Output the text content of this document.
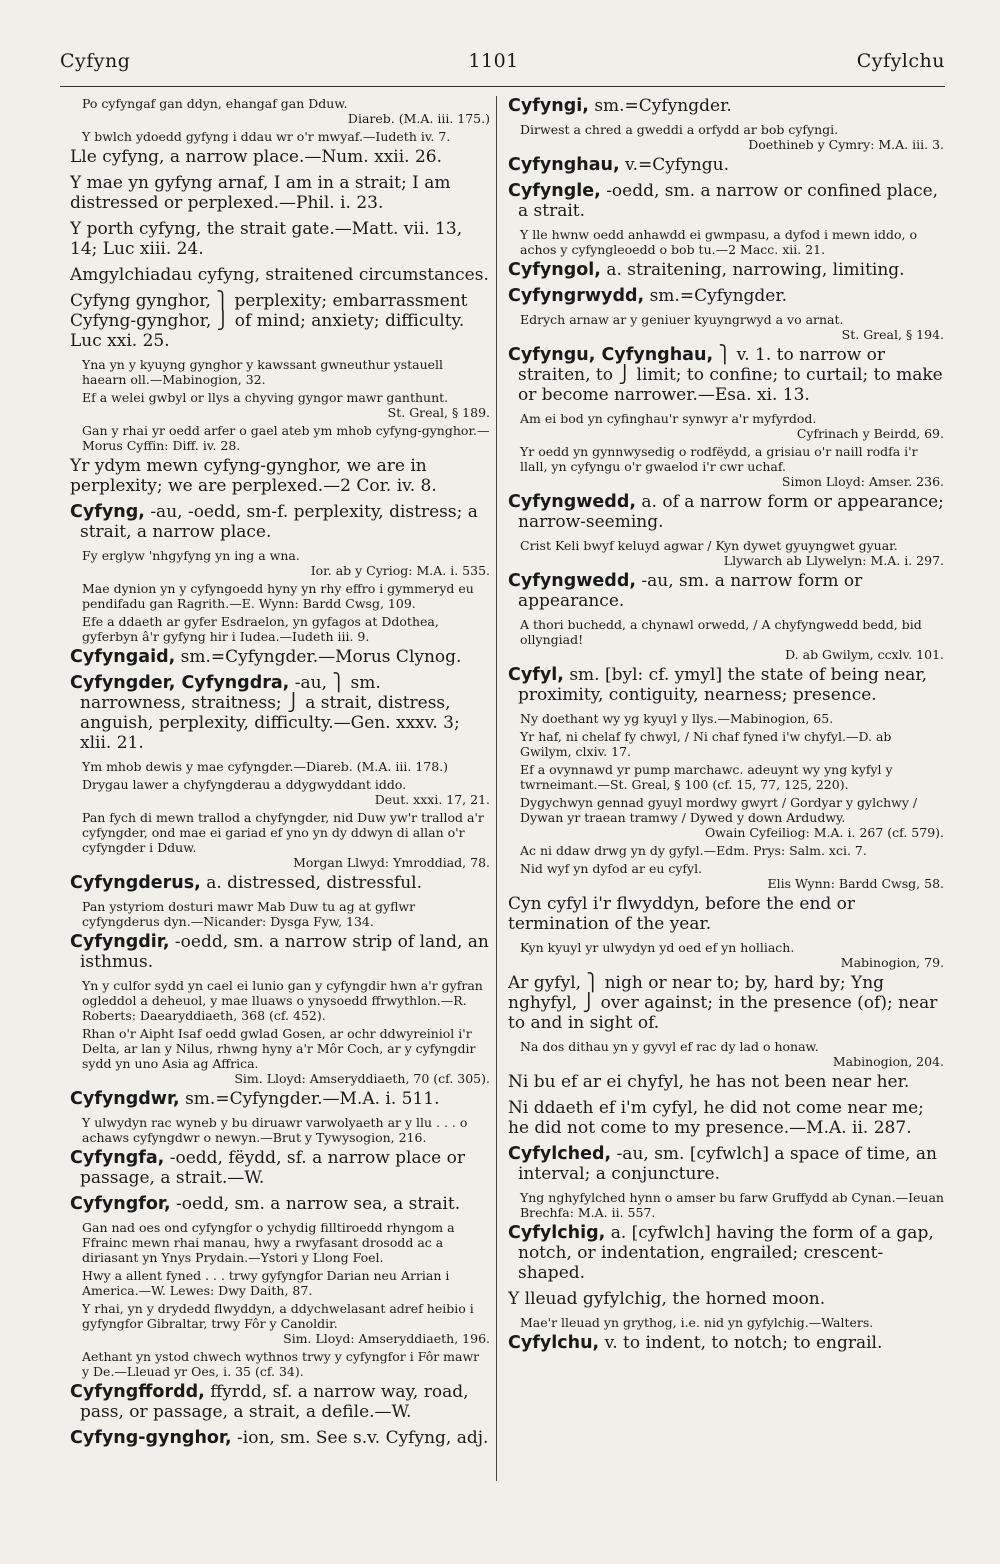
Cyfyng	1101	Cyfylchu
Po cyfyngaf gan ddyn, ehangaf gan Dduw.
Diareb. (M.A. iii. 175.)
Y bwlch ydoedd gyfyng i ddau wr o'r mwyaf.—Iudeth iv. 7.
Lle cyfyng, a narrow place.—Num. xxii. 26.
Y mae yn gyfyng arnaf, I am in a strait; I am distressed or perplexed.—Phil. i. 23.
Y porth cyfyng, the strait gate.—Matt. vii. 13, 14; Luc xiii. 24.
Amgylchiadau cyfyng, straitened circumstances.
Cyfyng gynghor, ⎫ perplexity; embarrassment Cyfyng-gynghor, ⎭ of mind; anxiety; difficulty. Luc xxi. 25.
Yna yn y kyuyng gynghor y kawssant gwneuthur ystauell haearn oll.—Mabinogion, 32.
Ef a welei gwbyl or llys a chyving gyngor mawr ganthunt.
St. Greal, § 189.
Gan y rhai yr oedd arfer o gael ateb ym mhob cyfyng-gynghor.—Morus Cyffin: Diff. iv. 28.
Yr ydym mewn cyfyng-gynghor, we are in perplexity; we are perplexed.—2 Cor. iv. 8.
Cyfyng, -au, -oedd, sm-f. perplexity, distress; a strait, a narrow place.
Fy erglyw 'nhgyfyng yn ing a wna.
Ior. ab y Cyriog: M.A. i. 535.
Mae dynion yn y cyfyngoedd hyny yn rhy effro i gymmeryd eu pendifadu gan Ragrith.—E. Wynn: Bardd Cwsg, 109.
Efe a ddaeth ar gyfer Esdraelon, yn gyfagos at Ddothea, gyferbyn â'r gyfyng hir i Iudea.—Iudeth iii. 9.
Cyfyngaid, sm.=Cyfyngder.—Morus Clynog.
Cyfyngder, Cyfyngdra, -au, ⎫ sm. narrowness, straitness; ⎭ a strait, distress, anguish, perplexity, difficulty.—Gen. xxxv. 3; xlii. 21.
Ym mhob dewis y mae cyfyngder.—Diareb. (M.A. iii. 178.)
Drygau lawer a chyfyngderau a ddygwyddant iddo.
Deut. xxxi. 17, 21.
Pan fych di mewn trallod a chyfyngder, nid Duw yw'r trallod a'r cyfyngder, ond mae ei gariad ef yno yn dy ddwyn di allan o'r cyfyngder i Dduw.
Morgan Llwyd: Ymroddiad, 78.
Cyfyngderus, a. distressed, distressful.
Pan ystyriom dosturi mawr Mab Duw tu ag at gyflwr cyfyngderus dyn.—Nicander: Dysga Fyw, 134.
Cyfyngdir, -oedd, sm. a narrow strip of land, an isthmus.
Yn y culfor sydd yn cael ei lunio gan y cyfyngdir hwn a'r gyfran ogleddol a deheuol, y mae lluaws o ynysoedd ffrwythlon.—R. Roberts: Daearyddiaeth, 368 (cf. 452).
Rhan o'r Aipht Isaf oedd gwlad Gosen, ar ochr ddwyreiniol i'r Delta, ar lan y Nilus, rhwng hyny a'r Môr Coch, ar y cyfyngdir sydd yn uno Asia ag Affrica.
Sim. Lloyd: Amseryddiaeth, 70 (cf. 305).
Cyfyngdwr, sm.=Cyfyngder.—M.A. i. 511.
Y ulwydyn rac wyneb y bu diruawr varwolyaeth ar y llu . . . o achaws cyfyngdwr o newyn.—Brut y Tywysogion, 216.
Cyfyngfa, -oedd, fëydd, sf. a narrow place or passage, a strait.—W.
Cyfyngfor, -oedd, sm. a narrow sea, a strait.
Gan nad oes ond cyfyngfor o ychydig filltiroedd rhyngom a Ffrainc mewn rhai manau, hwy a rwyfasant drosodd ac a diriasant yn Ynys Prydain.—Ystori y Llong Foel.
Hwy a allent fyned . . . trwy gyfyngfor Darian neu Arrian i America.—W. Lewes: Dwy Daith, 87.
Y rhai, yn y drydedd flwyddyn, a ddychwelasant adref heibio i gyfyngfor Gibraltar, trwy Fôr y Canoldir.
Sim. Lloyd: Amseryddiaeth, 196.
Aethant yn ystod chwech wythnos trwy y cyfyngfor i Fôr mawr y De.—Lleuad yr Oes, i. 35 (cf. 34).
Cyfyngffordd, ffyrdd, sf. a narrow way, road, pass, or passage, a strait, a defile.—W.
Cyfyng-gynghor, -ion, sm. See s.v. Cyfyng, adj.
Cyfyngi, sm.=Cyfyngder.
Dirwest a chred a gweddi a orfydd ar bob cyfyngi.
Doethineb y Cymry: M.A. iii. 3.
Cyfynghau, v.=Cyfyngu.
Cyfyngle, -oedd, sm. a narrow or confined place, a strait.
Y lle hwnw oedd anhawdd ei gwmpasu, a dyfod i mewn iddo, o achos y cyfyngleoedd o bob tu.—2 Macc. xii. 21.
Cyfyngol, a. straitening, narrowing, limiting.
Cyfyngrwydd, sm.=Cyfyngder.
Edrych arnaw ar y geniuer kyuyngrwyd a vo arnat.
St. Greal, § 194.
Cyfyngu, Cyfynghau, ⎫ v. 1. to narrow or straiten, to ⎭ limit; to confine; to curtail; to make or become narrower.—Esa. xi. 13.
Am ei bod yn cyfinghau'r synwyr a'r myfyrdod.
Cyfrinach y Beirdd, 69.
Yr oedd yn gynnwysedig o rodfëydd, a grisiau o'r naill rodfa i'r llall, yn cyfyngu o'r gwaelod i'r cwr uchaf.
Simon Lloyd: Amser. 236.
Cyfyngwedd, a. of a narrow form or appearance; narrow-seeming.
Crist Keli bwyf keluyd agwar / Kyn dywet gyuyngwet gyuar.
Llywarch ab Llywelyn: M.A. i. 297.
Cyfyngwedd, -au, sm. a narrow form or appearance.
A thori buchedd, a chynawl orwedd, / A chyfyngwedd bedd, bid ollyngiad!
D. ab Gwilym, ccxlv. 101.
Cyfyl, sm. [byl: cf. ymyl] the state of being near, proximity, contiguity, nearness; presence.
Ny doethant wy yg kyuyl y llys.—Mabinogion, 65.
Yr haf, ni chelaf fy chwyl, / Ni chaf fyned i'w chyfyl.—D. ab Gwilym, clxiv. 17.
Ef a ovynnawd yr pump marchawc. adeuynt wy yng kyfyl y twrneimant.—St. Greal, § 100 (cf. 15, 77, 125, 220).
Dygychwyn gennad gyuyl mordwy gwyrt / Gordyar y gylchwy / Dywan yr traean tramwy / Dywed y down Ardudwy.
Owain Cyfeiliog: M.A. i. 267 (cf. 579).
Ac ni ddaw drwg yn dy gyfyl.—Edm. Prys: Salm. xci. 7.
Nid wyf yn dyfod ar eu cyfyl.
Elis Wynn: Bardd Cwsg, 58.
Cyn cyfyl i'r flwyddyn, before the end or termination of the year.
Kyn kyuyl yr ulwydyn yd oed ef yn holliach.
Mabinogion, 79.
Ar gyfyl, ⎫ nigh or near to; by, hard by; Yng nghyfyl, ⎭ over against; in the presence (of); near to and in sight of.
Na dos dithau yn y gyvyl ef rac dy lad o honaw.
Mabinogion, 204.
Ni bu ef ar ei chyfyl, he has not been near her.
Ni ddaeth ef i'm cyfyl, he did not come near me; he did not come to my presence.—M.A. ii. 287.
Cyfylched, -au, sm. [cyfwlch] a space of time, an interval; a conjuncture.
Yng nghyfylched hynn o amser bu farw Gruffydd ab Cynan.—Ieuan Brechfa: M.A. ii. 557.
Cyfylchig, a. [cyfwlch] having the form of a gap, notch, or indentation, engrailed; crescent-shaped.
Y lleuad gyfylchig, the horned moon.
Mae'r lleuad yn grythog, i.e. nid yn gyfylchig.—Walters.
Cyfylchu, v. to indent, to notch; to engrail.
